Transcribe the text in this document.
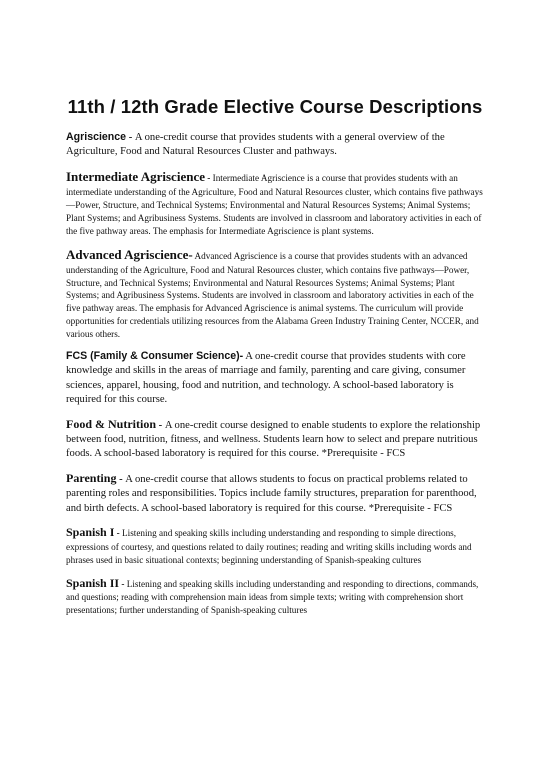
11th / 12th Grade Elective Course Descriptions

Agriscience - A one-credit course that provides students with a general overview of the Agriculture, Food and Natural Resources Cluster and pathways.

Intermediate Agriscience - Intermediate Agriscience is a course that provides students with an intermediate understanding of the Agriculture, Food and Natural Resources cluster, which contains five pathways—Power, Structure, and Technical Systems; Environmental and Natural Resources Systems; Animal Systems; Plant Systems; and Agribusiness Systems. Students are involved in classroom and laboratory activities in each of the five pathway areas. The emphasis for Intermediate Agriscience is plant systems.

Advanced Agriscience- Advanced Agriscience is a course that provides students with an advanced understanding of the Agriculture, Food and Natural Resources cluster, which contains five pathways—Power, Structure, and Technical Systems; Environmental and Natural Resources Systems; Animal Systems; Plant Systems; and Agribusiness Systems. Students are involved in classroom and laboratory activities in each of the five pathway areas. The emphasis for Advanced Agriscience is animal systems. The curriculum will provide opportunities for credentials utilizing resources from the Alabama Green Industry Training Center, NCCER, and various others.

FCS (Family & Consumer Science)- A one-credit course that provides students with core knowledge and skills in the areas of marriage and family, parenting and care giving, consumer sciences, apparel, housing, food and nutrition, and technology. A school-based laboratory is required for this course.

Food & Nutrition - A one-credit course designed to enable students to explore the relationship between food, nutrition, fitness, and wellness. Students learn how to select and prepare nutritious foods. A school-based laboratory is required for this course. *Prerequisite - FCS

Parenting - A one-credit course that allows students to focus on practical problems related to parenting roles and responsibilities. Topics include family structures, preparation for parenthood, and birth defects. A school-based laboratory is required for this course. *Prerequisite - FCS

Spanish I - Listening and speaking skills including understanding and responding to simple directions, expressions of courtesy, and questions related to daily routines; reading and writing skills including words and phrases used in basic situational contexts; beginning understanding of Spanish-speaking cultures

Spanish II - Listening and speaking skills including understanding and responding to directions, commands, and questions; reading with comprehension main ideas from simple texts; writing with comprehension short presentations; further understanding of Spanish-speaking cultures
